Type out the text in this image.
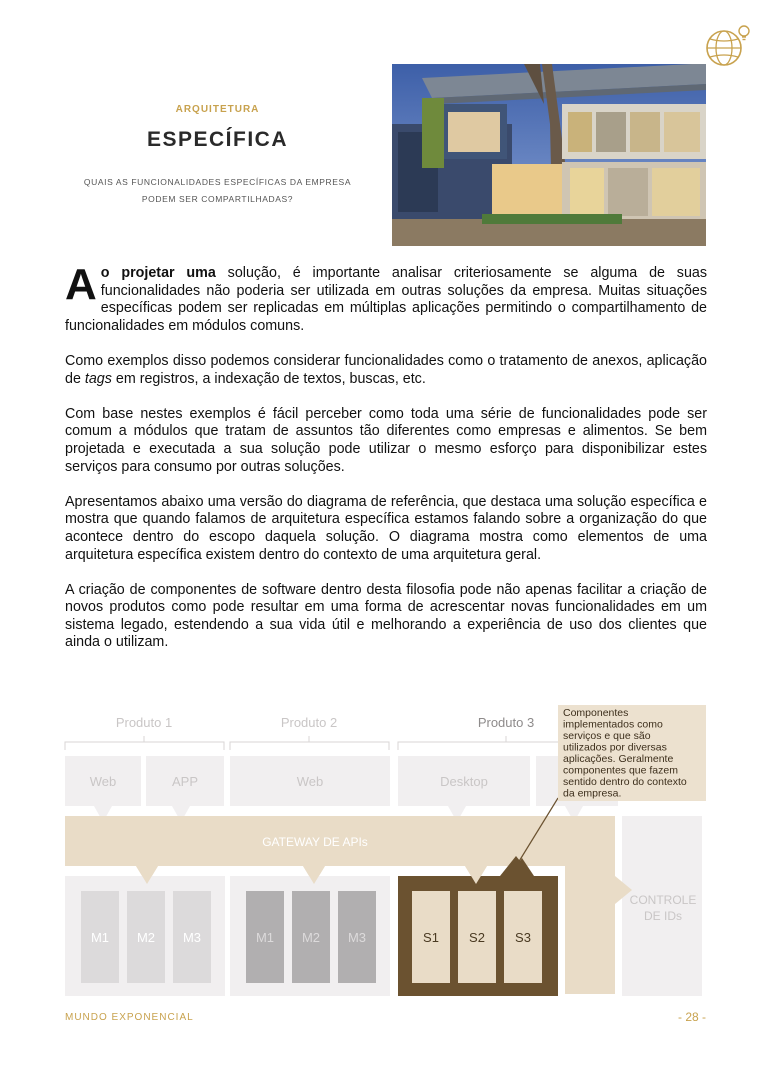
ARQUITETURA
ESPECÍFICA
QUAIS AS FUNCIONALIDADES ESPECÍFICAS DA EMPRESA
PODEM SER COMPARTILHADAS?

Ao projetar uma solução, é importante analisar criteriosamente se alguma de suas funcionalidades não poderia ser utilizada em outras soluções da empresa. Muitas situações específicas podem ser replicadas em múltiplas aplicações permitindo o compartilhamento de funcionalidades em módulos comuns.

Como exemplos disso podemos considerar funcionalidades como o tratamento de anexos, aplicação de tags em registros, a indexação de textos, buscas, etc.

Com base nestes exemplos é fácil perceber como toda uma série de funcionalidades pode ser comum a módulos que tratam de assuntos tão diferentes como empresas e alimentos. Se bem projetada e executada a sua solução pode utilizar o mesmo esforço para disponibilizar estes serviços para consumo por outras soluções.

Apresentamos abaixo uma versão do diagrama de referência, que destaca uma solução específica e mostra que quando falamos de arquitetura específica estamos falando sobre a organização do que acontece dentro do escopo daquela solução. O diagrama mostra como elementos de uma arquitetura específica existem dentro do contexto de uma arquitetura geral.

A criação de componentes de software dentro desta filosofia pode não apenas facilitar a criação de novos produtos como pode resultar em uma forma de acrescentar novas funcionalidades em um sistema legado, estendendo a sua vida útil e melhorando a experiência de uso dos clientes que ainda o utilizam.

Produto 1	Produto 2	Produto 3
Web	APP	Web	Desktop
GATEWAY DE APIs
CONTROLE
DE IDs
M1 M2 M3	M1 M2 M3	S1 S2 S3
Componentes
implementados como
serviços e que são
utilizados por diversas
aplicações. Geralmente
componentes que fazem
sentido dentro do contexto
da empresa.
MUNDO EXPONENCIAL	- 28 -
